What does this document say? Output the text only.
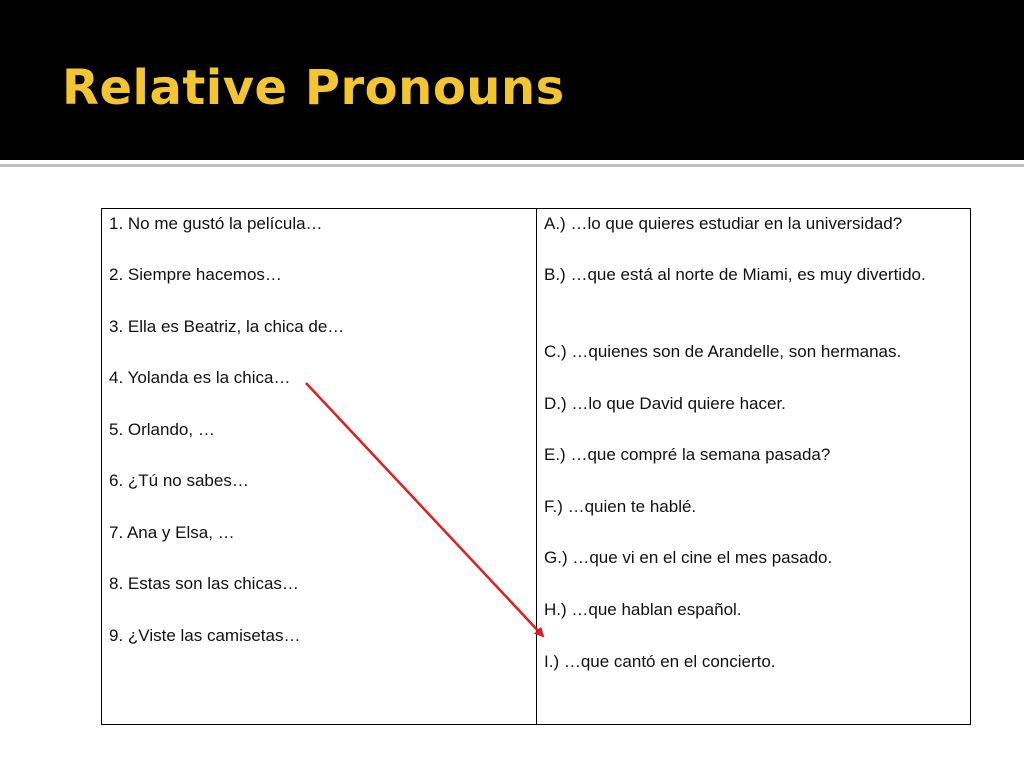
Relative Pronouns
1. No me gustó la película…
2. Siempre hacemos…
3. Ella es Beatriz, la chica de…
4. Yolanda es la chica…
5. Orlando, …
6. ¿Tú no sabes…
7. Ana y Elsa, …
8. Estas son las chicas…
9. ¿Viste las camisetas…
A.) …lo que quieres estudiar en la universidad?
B.) …que está al norte de Miami, es muy divertido.
C.) …quienes son de Arandelle, son hermanas.
D.) …lo que David quiere hacer.
E.) …que compré la semana pasada?
F.) …quien te hablé.
G.) …que vi en el cine el mes pasado.
H.) …que hablan español.
I.) …que cantó en el concierto.
